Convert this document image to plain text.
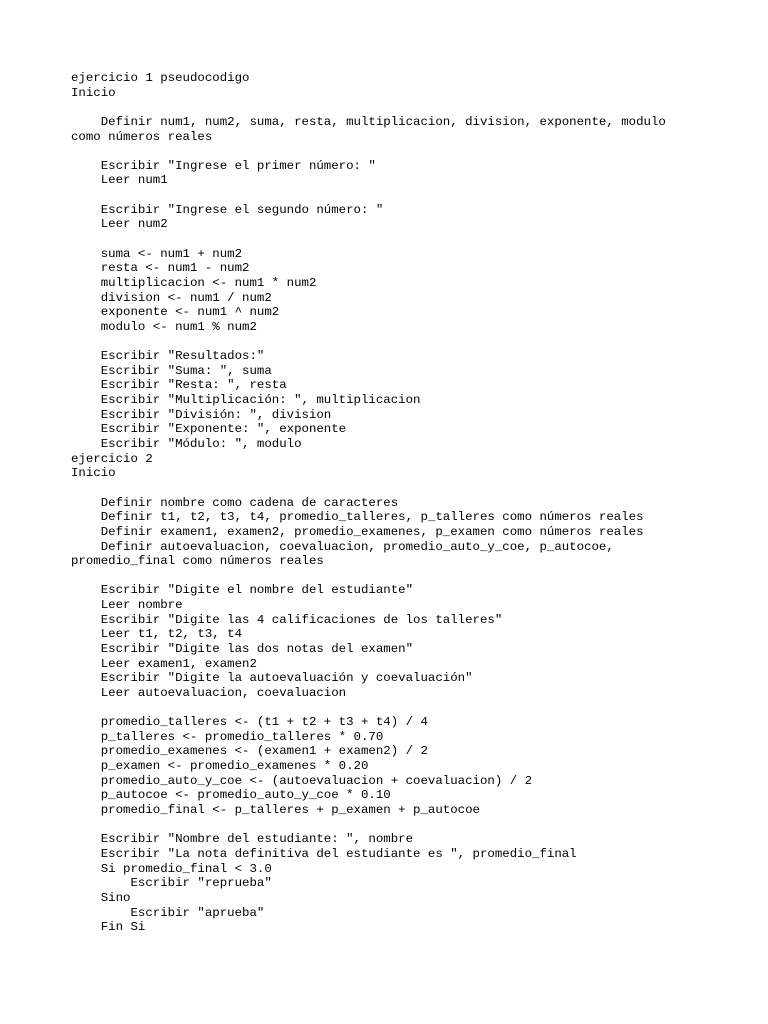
ejercicio 1 pseudocodigo
Inicio
Definir num1, num2, suma, resta, multiplicacion, division, exponente, modulo
como números reales
Escribir "Ingrese el primer número: "
Leer num1
Escribir "Ingrese el segundo número: "
Leer num2
suma <- num1 + num2
resta <- num1 - num2
multiplicacion <- num1 * num2
division <- num1 / num2
exponente <- num1 ^ num2
modulo <- num1 % num2
Escribir "Resultados:"
Escribir "Suma: ", suma
Escribir "Resta: ", resta
Escribir "Multiplicación: ", multiplicacion
Escribir "División: ", division
Escribir "Exponente: ", exponente
Escribir "Módulo: ", modulo
ejercicio 2
Inicio
Definir nombre como cadena de caracteres
Definir t1, t2, t3, t4, promedio_talleres, p_talleres como números reales
Definir examen1, examen2, promedio_examenes, p_examen como números reales
Definir autoevaluacion, coevaluacion, promedio_auto_y_coe, p_autocoe,
promedio_final como números reales
Escribir "Digite el nombre del estudiante"
Leer nombre
Escribir "Digite las 4 calificaciones de los talleres"
Leer t1, t2, t3, t4
Escribir "Digite las dos notas del examen"
Leer examen1, examen2
Escribir "Digite la autoevaluación y coevaluación"
Leer autoevaluacion, coevaluacion
promedio_talleres <- (t1 + t2 + t3 + t4) / 4
p_talleres <- promedio_talleres * 0.70
promedio_examenes <- (examen1 + examen2) / 2
p_examen <- promedio_examenes * 0.20
promedio_auto_y_coe <- (autoevaluacion + coevaluacion) / 2
p_autocoe <- promedio_auto_y_coe * 0.10
promedio_final <- p_talleres + p_examen + p_autocoe
Escribir "Nombre del estudiante: ", nombre
Escribir "La nota definitiva del estudiante es ", promedio_final
Si promedio_final < 3.0
Escribir "reprueba"
Sino
Escribir "aprueba"
Fin Si
